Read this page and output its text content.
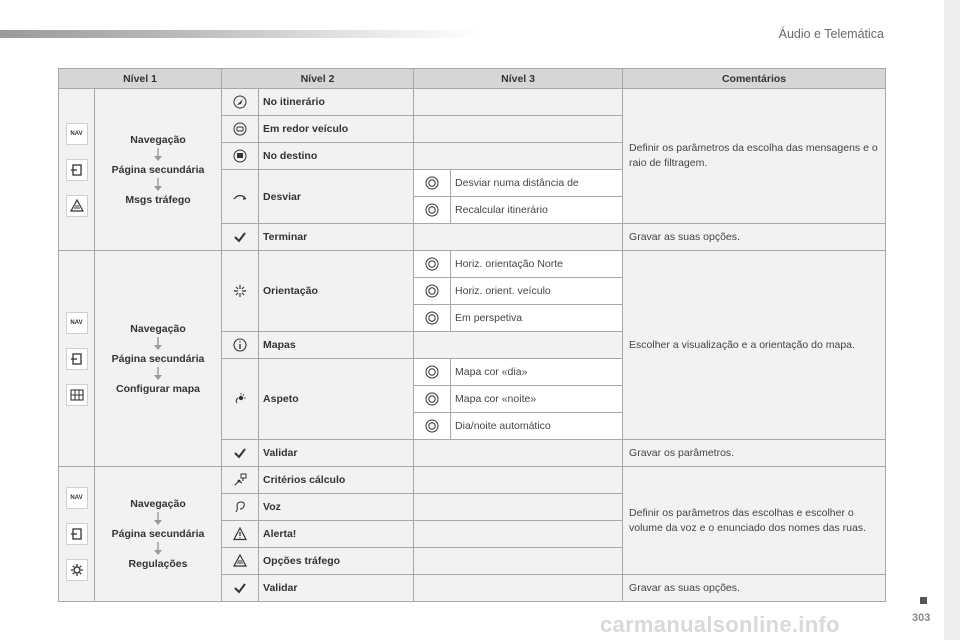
Áudio e Telemática
Nível 1		Nível 2		Nível 3		Comentários

NAV	Navegação
Página secundária
Msgs tráfego		No itinerário			Definir os parâmetros da escolha das mensagens e o raio de filtragem.
	Em redor veículo			
	No destino			
	Desviar		Desviar numa distância de	
	Recalcular itinerário	
	Terminar			Gravar as suas opções.

NAV	Navegação
Página secundária
Configurar mapa		Orientação		Horiz. orientação Norte	Escolher a visualização e a orientação do mapa.
	Horiz. orient. veículo	
	Em perspetiva	
	Mapas			
	Aspeto		Mapa cor «dia»	
	Mapa cor «noite»	
	Dia/noite automático	
	Validar			Gravar os parâmetros.

NAV	Navegação
Página secundária
Regulações		Critérios cálculo			Definir os parâmetros das escolhas e escolher o volume da voz e o enunciado dos nomes das ruas.
	Voz			
	Alerta!			
	Opções tráfego			
	Validar			Gravar as suas opções.
303
carmanualsonline.info
